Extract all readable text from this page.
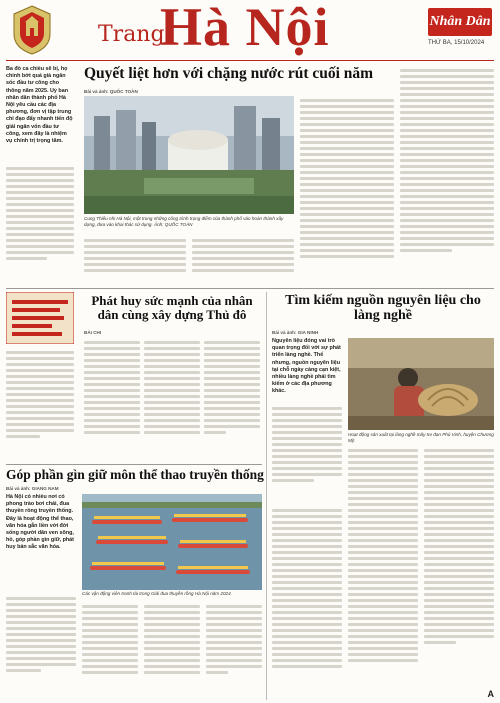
Trang
Hà Nội	Nhân Dân
THỨ BA, 15/10/2024
Ba đồ ca chiều sẽ bị, họ chính bớt quá già ngân sốc đầu tư công cho thông năm 2025. Uỷ ban nhân dân thành phố Hà Nội yêu cầu các địa phương, đơn vị tập trung chỉ đạo đẩy nhanh tiến độ giải ngân vốn đầu tư công, xem đây là nhiệm vụ chính trị trọng tâm.
Quyết liệt hơn với chặng nước rút cuối năm
Bài và ảnh: QUỐC TOÀN
Cung Thiếu nhi Hà Nội, một trong những công trình trọng điểm của thành phố vào hoàn thành xây dựng, đưa vào khai thác sử dụng. Ảnh: QUỐC TOÀN
Phát huy sức mạnh của nhân dân cùng xây dựng Thủ đô
BÀI CHI
Tìm kiếm nguồn nguyên liệu cho làng nghề
Bài và ảnh: GIA NINH
Nguyên liệu đóng vai trò quan trọng đối với sự phát triển làng nghề. Thế nhưng, nguồn nguyên liệu tại chỗ ngày càng cạn kiệt, nhiều làng nghề phải tìm kiếm ở các địa phương khác.
Hoạt động sản xuất tại làng nghề mây tre đan Phú Vinh, huyện Chương Mỹ.
Góp phần gìn giữ môn thể thao truyền thống
Bài và ảnh: GIANG NAM
Hà Nội có nhiều nơi có phong trào bơi chải, đua thuyền rồng truyền thống. Đây là hoạt động thể thao, văn hóa gắn liền với đời sống người dân ven sông, hồ, góp phần gìn giữ, phát huy bản sắc văn hóa.
Các vận động viên tranh tài trong Giải đua thuyền rồng Hà Nội năm 2024.
A
